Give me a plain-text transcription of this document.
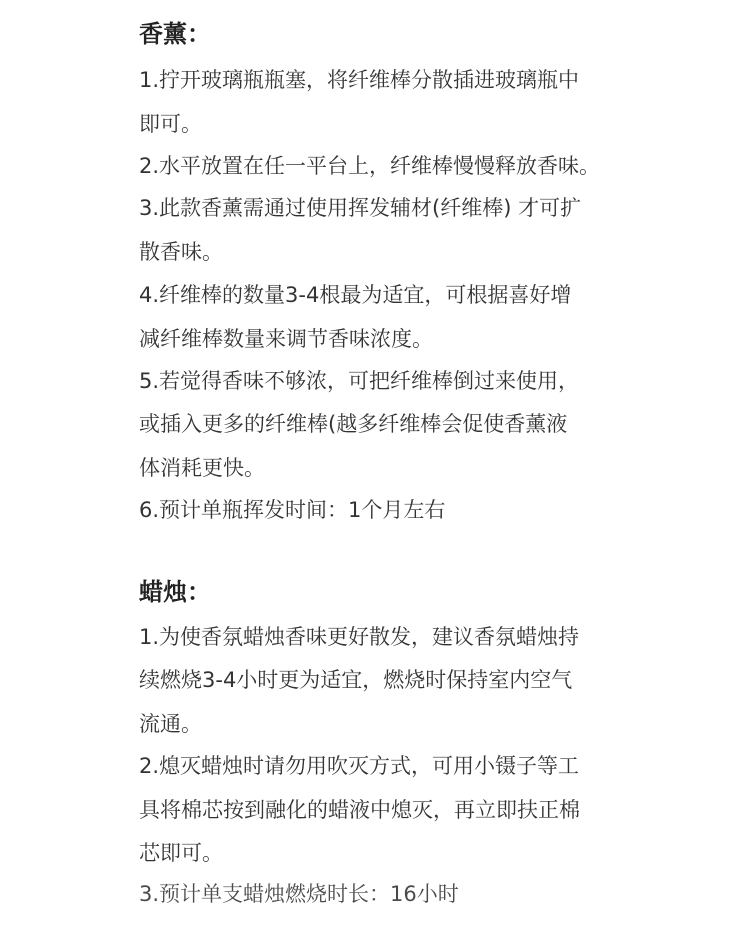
香薰：
1.拧开玻璃瓶瓶塞，将纤维棒分散插进玻璃瓶中
即可。
2.水平放置在任一平台上，纤维棒慢慢释放香味。
3.此款香薰需通过使用挥发辅材(纤维棒) 才可扩
散香味。
4.纤维棒的数量3-4根最为适宜，可根据喜好增
减纤维棒数量来调节香味浓度。
5.若觉得香味不够浓，可把纤维棒倒过来使用，
或插入更多的纤维棒(越多纤维棒会促使香薰液
体消耗更快。
6.预计单瓶挥发时间：1个月左右
蜡烛：
1.为使香氛蜡烛香味更好散发，建议香氛蜡烛持
续燃烧3-4小时更为适宜，燃烧时保持室内空气
流通。
2.熄灭蜡烛时请勿用吹灭方式，可用小镊子等工
具将棉芯按到融化的蜡液中熄灭，再立即扶正棉
芯即可。
3.预计单支蜡烛燃烧时长：16小时
